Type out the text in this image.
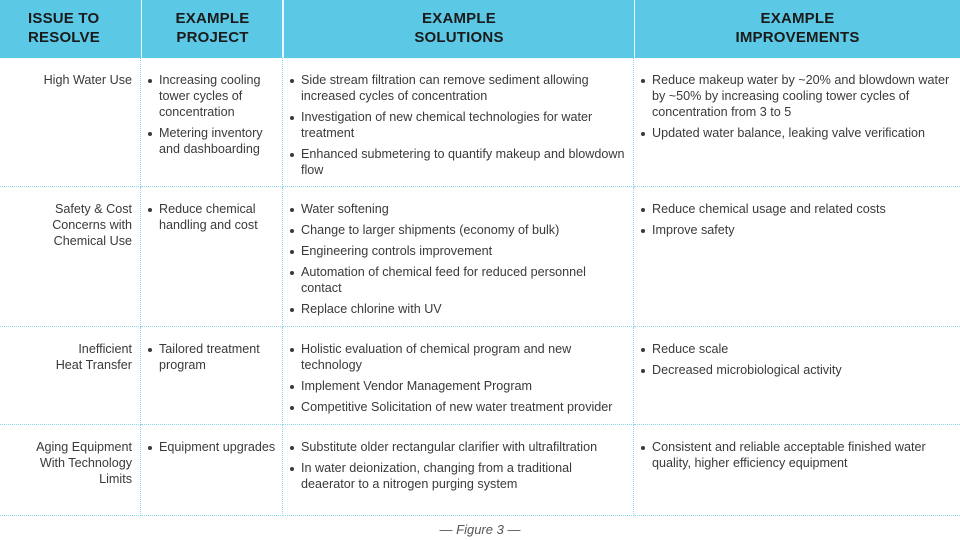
ISSUE TO
RESOLVE
EXAMPLE
PROJECT
EXAMPLE
SOLUTIONS
EXAMPLE
IMPROVEMENTS
High Water Use	Increasing cooling tower cycles of concentration
Metering inventory and dashboarding
Side stream filtration can remove sediment allowing increased cycles of concentration
Investigation of new chemical technologies for water treatment
Enhanced submetering to quantify makeup and blowdown flow
Reduce makeup water by ~20% and blowdown water by ~50% by increasing cooling tower cycles of concentration from 3 to 5
Updated water balance, leaking valve verification
Safety & Cost
Concerns with
Chemical Use
Reduce chemical handling and cost
Water softening
Change to larger shipments (economy of bulk)
Engineering controls improvement
Automation of chemical feed for reduced personnel contact
Replace chlorine with UV
Reduce chemical usage and related costs
Improve safety
Inefficient
Heat Transfer
Tailored treatment program
Holistic evaluation of chemical program and new technology
Implement Vendor Management Program
Competitive Solicitation of new water treatment provider
Reduce scale
Decreased microbiological activity
Aging Equipment
With Technology
Limits
Equipment upgrades	Substitute older rectangular clarifier with ultrafiltration
In water deionization, changing from a traditional deaerator to a nitrogen purging system
Consistent and reliable acceptable finished water quality, higher efficiency equipment
— Figure 3 —
